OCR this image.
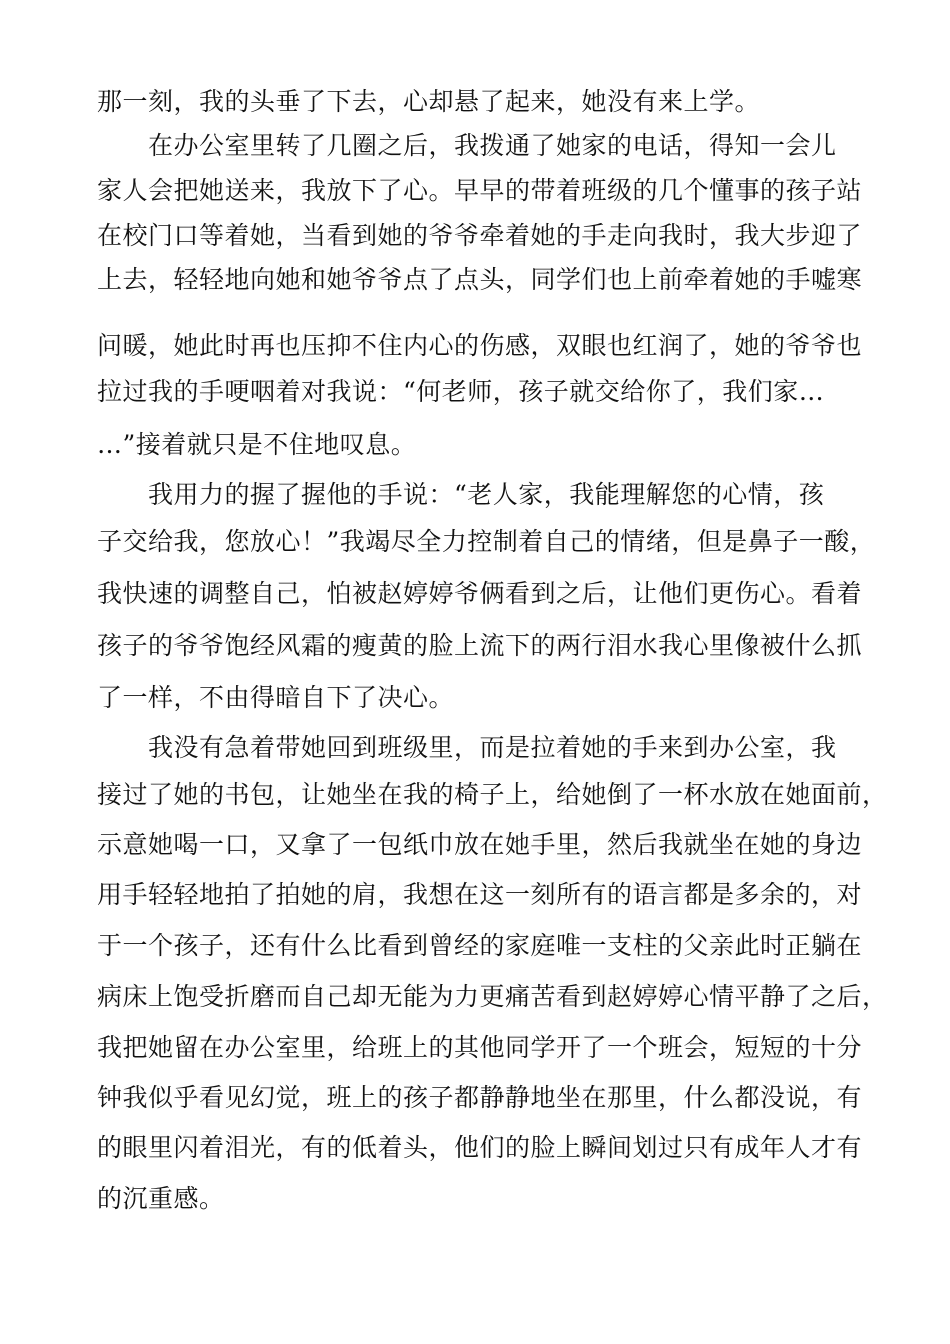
那一刻，我的头垂了下去，心却悬了起来，她没有来上学。
在办公室里转了几圈之后，我拨通了她家的电话，得知一会儿
家人会把她送来，我放下了心。早早的带着班级的几个懂事的孩子站
在校门口等着她，当看到她的爷爷牵着她的手走向我时，我大步迎了
上去，轻轻地向她和她爷爷点了点头，同学们也上前牵着她的手嘘寒
问暖，她此时再也压抑不住内心的伤感，双眼也红润了，她的爷爷也
拉过我的手哽咽着对我说：“何老师，孩子就交给你了，我们家…
…”接着就只是不住地叹息。
我用力的握了握他的手说：“老人家，我能理解您的心情，孩
子交给我，您放心！”我竭尽全力控制着自己的情绪，但是鼻子一酸，
我快速的调整自己，怕被赵婷婷爷俩看到之后，让他们更伤心。看着
孩子的爷爷饱经风霜的瘦黄的脸上流下的两行泪水我心里像被什么抓
了一样，不由得暗自下了决心。
我没有急着带她回到班级里，而是拉着她的手来到办公室，我
接过了她的书包，让她坐在我的椅子上，给她倒了一杯水放在她面前，
示意她喝一口，又拿了一包纸巾放在她手里，然后我就坐在她的身边
用手轻轻地拍了拍她的肩，我想在这一刻所有的语言都是多余的，对
于一个孩子，还有什么比看到曾经的家庭唯一支柱的父亲此时正躺在
病床上饱受折磨而自己却无能为力更痛苦看到赵婷婷心情平静了之后，
我把她留在办公室里，给班上的其他同学开了一个班会，短短的十分
钟我似乎看见幻觉，班上的孩子都静静地坐在那里，什么都没说，有
的眼里闪着泪光，有的低着头，他们的脸上瞬间划过只有成年人才有
的沉重感。
